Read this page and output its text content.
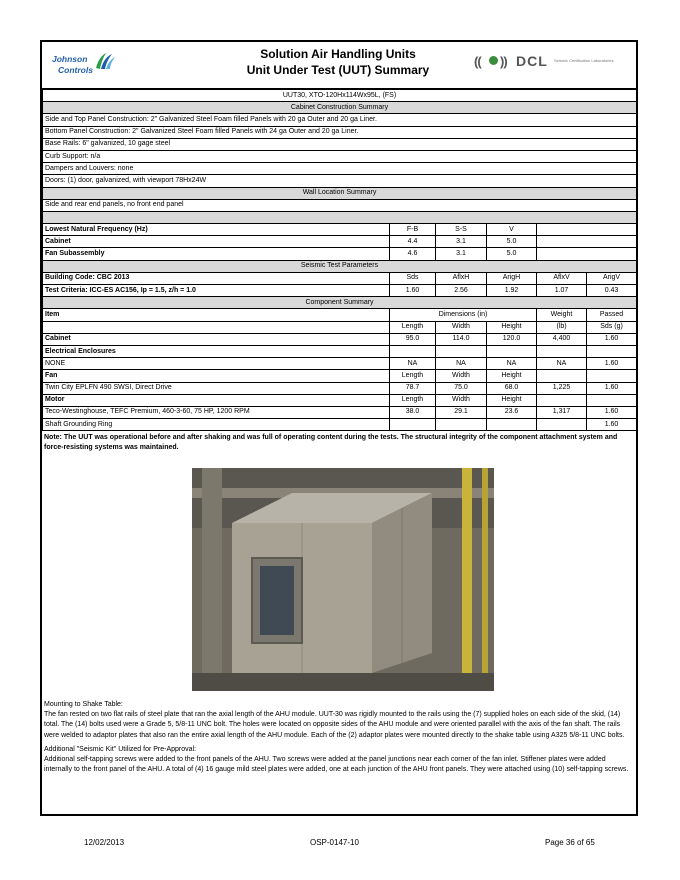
Johnson
Controls
Solution Air Handling Units
Unit Under Test (UUT) Summary
(( )) DCL Seismic Certification Laboratories
UUT30, XTO-120Hx114Wx95L, (FS)					
Cabinet Construction Summary					
Side and Top Panel Construction: 2" Galvanized Steel Foam filled Panels with 20 ga Outer and 20 ga Liner.					
Bottom Panel Construction: 2" Galvanized Steel Foam filled Panels with 24 ga Outer and 20 ga Liner.					
Base Rails: 6" galvanized, 10 gage steel					
Curb Support: n/a					
Dampers and Louvers: none					
Doors: (1) door, galvanized, with viewport 78Hx24W					
Wall Location Summary					
Side and rear end panels, no front end panel					

Lowest Natural Frequency (Hz)	F-B	S-S	V		
Cabinet	4.4	3.1	5.0		
Fan Subassembly	4.6	3.1	5.0		
Seismic Test Parameters					
Building Code: CBC 2013	Sds	AflxH	ArigH	AflxV	ArigV
Test Criteria: ICC-ES AC156, Ip = 1.5, z/h = 1.0	1.60	2.56	1.92	1.07	0.43
Component Summary					
Item	Dimensions (in)			Weight	Passed
	Length	Width	Height	(lb)	Sds (g)
Cabinet	95.0	114.0	120.0	4,400	1.60
Electrical Enclosures					
NONE	NA	NA	NA	NA	1.60
Fan	Length	Width	Height		
Twin City EPLFN 490 SWSI, Direct Drive	78.7	75.0	68.0	1,225	1.60
Motor	Length	Width	Height		
Teco-Westinghouse, TEFC Premium, 460-3-60, 75 HP, 1200 RPM	38.0	29.1	23.6	1,317	1.60
Shaft Grounding Ring					1.60
Note: The UUT was operational before and after shaking and was full of operating content during the tests. The structural integrity of the component attachment system and force-resisting systems was maintained.

Mounting to Shake Table:

The fan rested on two flat rails of steel plate that ran the axial length of the AHU module. UUT-30 was rigidly mounted to the rails using the (7) supplied holes on each side of the skid, (14) total. The (14) bolts used were a Grade 5, 5/8-11 UNC bolt. The holes were located on opposite sides of the AHU module and were oriented parallel with the axis of the fan shaft. The rails were welded to adaptor plates that also ran the entire axial length of the AHU module. Each of the (2) adaptor plates were mounted directly to the shake table using A325 5/8-11 UNC bolts.

Additional "Seismic Kit" Utilized for Pre-Approval:

Additional self-tapping screws were added to the front panels of the AHU. Two screws were added at the panel junctions near each corner of the fan inlet. Stiffener plates were added internally to the front panel of the AHU. A total of (4) 16 gauge mild steel plates were added, one at each junction of the AHU front panels. They were attached using (10) self-tapping screws.

12/02/2013	OSP-0147-10	Page 36 of 65
